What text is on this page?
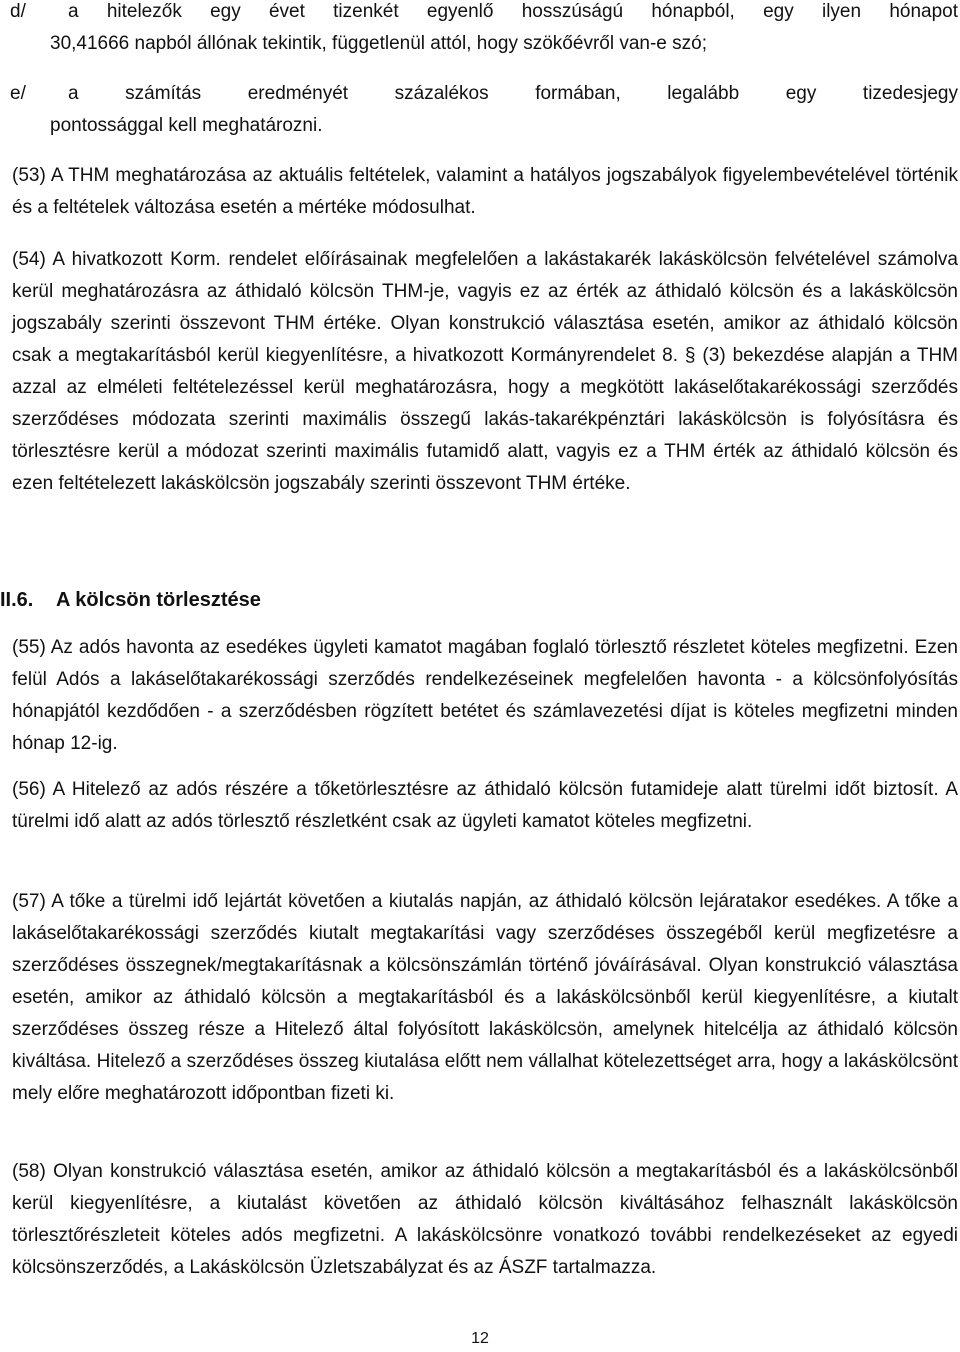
d/	a hitelezők egy évet tizenkét egyenlő hosszúságú hónapból, egy ilyen hónapot
30,41666 napból állónak tekintik, függetlenül attól, hogy szökőévről van-e szó;
e/	a számítás eredményét százalékos formában, legalább egy tizedesjegy
pontossággal kell meghatározni.

(53) A THM meghatározása az aktuális feltételek, valamint a hatályos jogszabályok figyelembevételével történik és a feltételek változása esetén a mértéke módosulhat.

(54) A hivatkozott Korm. rendelet előírásainak megfelelően a lakástakarék lakáskölcsön felvételével számolva kerül meghatározásra az áthidaló kölcsön THM-je, vagyis ez az érték az áthidaló kölcsön és a lakáskölcsön jogszabály szerinti összevont THM értéke. Olyan konstrukció választása esetén, amikor az áthidaló kölcsön csak a megtakarításból kerül kiegyenlítésre, a hivatkozott Kormányrendelet 8. § (3) bekezdése alapján a THM azzal az elméleti feltételezéssel kerül meghatározásra, hogy a megkötött lakáselőtakarékossági szerződés szerződéses módozata szerinti maximális összegű lakás-takarékpénztári lakáskölcsön is folyósításra és törlesztésre kerül a módozat szerinti maximális futamidő alatt, vagyis ez a THM érték az áthidaló kölcsön és ezen feltételezett lakáskölcsön jogszabály szerinti összevont THM értéke.

II.6. A kölcsön törlesztése

(55) Az adós havonta az esedékes ügyleti kamatot magában foglaló törlesztő részletet köteles megfizetni. Ezen felül Adós a lakáselőtakarékossági szerződés rendelkezéseinek megfelelően havonta - a kölcsönfolyósítás hónapjától kezdődően - a szerződésben rögzített betétet és számlavezetési díjat is köteles megfizetni minden hónap 12-ig.

(56) A Hitelező az adós részére a tőketörlesztésre az áthidaló kölcsön futamideje alatt türelmi időt biztosít. A türelmi idő alatt az adós törlesztő részletként csak az ügyleti kamatot köteles megfizetni.

(57) A tőke a türelmi idő lejártát követően a kiutalás napján, az áthidaló kölcsön lejáratakor esedékes. A tőke a lakáselőtakarékossági szerződés kiutalt megtakarítási vagy szerződéses összegéből kerül megfizetésre a szerződéses összegnek/megtakarításnak a kölcsönszámlán történő jóváírásával. Olyan konstrukció választása esetén, amikor az áthidaló kölcsön a megtakarításból és a lakáskölcsönből kerül kiegyenlítésre, a kiutalt szerződéses összeg része a Hitelező által folyósított lakáskölcsön, amelynek hitelcélja az áthidaló kölcsön kiváltása. Hitelező a szerződéses összeg kiutalása előtt nem vállalhat kötelezettséget arra, hogy a lakáskölcsönt mely előre meghatározott időpontban fizeti ki.

(58) Olyan konstrukció választása esetén, amikor az áthidaló kölcsön a megtakarításból és a lakáskölcsönből kerül kiegyenlítésre, a kiutalást követően az áthidaló kölcsön kiváltásához felhasznált lakáskölcsön törlesztőrészleteit köteles adós megfizetni. A lakáskölcsönre vonatkozó további rendelkezéseket az egyedi kölcsönszerződés, a Lakáskölcsön Üzletszabályzat és az ÁSZF tartalmazza.

12
